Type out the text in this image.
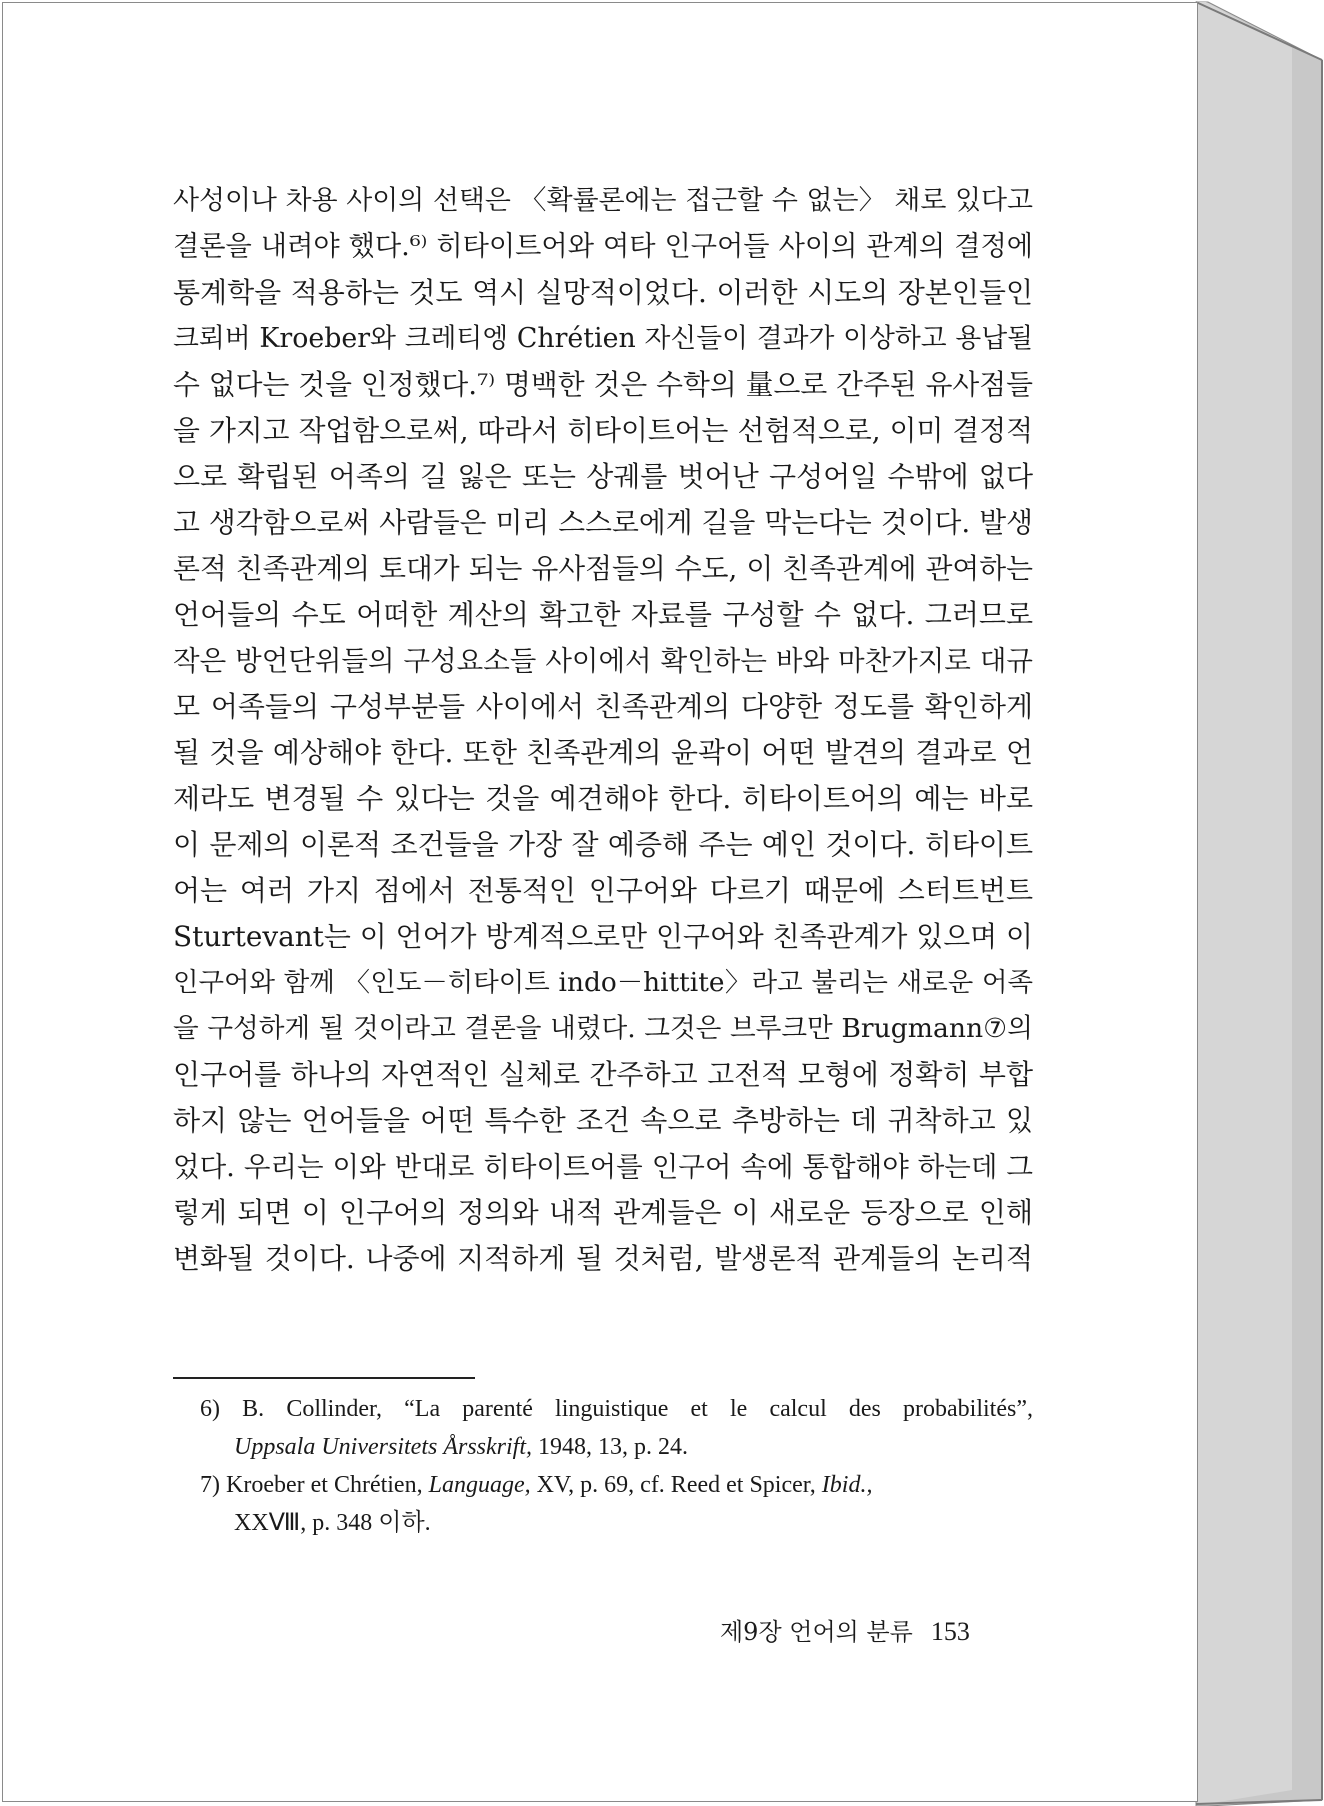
사성이나 차용 사이의 선택은 〈확률론에는 접근할 수 없는〉 채로 있다고
결론을 내려야 했다.⁶⁾ 히타이트어와 여타 인구어들 사이의 관계의 결정에
통계학을 적용하는 것도 역시 실망적이었다. 이러한 시도의 장본인들인
크뢰버 Kroeber와 크레티엥 Chrétien 자신들이 결과가 이상하고 용납될
수 없다는 것을 인정했다.⁷⁾ 명백한 것은 수학의 量으로 간주된 유사점들
을 가지고 작업함으로써, 따라서 히타이트어는 선험적으로, 이미 결정적
으로 확립된 어족의 길 잃은 또는 상궤를 벗어난 구성어일 수밖에 없다
고 생각함으로써 사람들은 미리 스스로에게 길을 막는다는 것이다. 발생
론적 친족관계의 토대가 되는 유사점들의 수도, 이 친족관계에 관여하는
언어들의 수도 어떠한 계산의 확고한 자료를 구성할 수 없다. 그러므로
작은 방언단위들의 구성요소들 사이에서 확인하는 바와 마찬가지로 대규
모 어족들의 구성부분들 사이에서 친족관계의 다양한 정도를 확인하게
될 것을 예상해야 한다. 또한 친족관계의 윤곽이 어떤 발견의 결과로 언
제라도 변경될 수 있다는 것을 예견해야 한다. 히타이트어의 예는 바로
이 문제의 이론적 조건들을 가장 잘 예증해 주는 예인 것이다. 히타이트
어는 여러 가지 점에서 전통적인 인구어와 다르기 때문에 스터트번트
Sturtevant는 이 언어가 방계적으로만 인구어와 친족관계가 있으며 이
인구어와 함께 〈인도－히타이트 indo－hittite〉라고 불리는 새로운 어족
을 구성하게 될 것이라고 결론을 내렸다. 그것은 브루크만 Brugmann⑦의
인구어를 하나의 자연적인 실체로 간주하고 고전적 모형에 정확히 부합
하지 않는 언어들을 어떤 특수한 조건 속으로 추방하는 데 귀착하고 있
었다. 우리는 이와 반대로 히타이트어를 인구어 속에 통합해야 하는데 그
렇게 되면 이 인구어의 정의와 내적 관계들은 이 새로운 등장으로 인해
변화될 것이다. 나중에 지적하게 될 것처럼, 발생론적 관계들의 논리적
6) B. Collinder, “La parenté linguistique et le calcul des probabilités”,
Uppsala Universitets Årsskrift, 1948, 13, p. 24.
7) Kroeber et Chrétien, Language, XV, p. 69, cf. Reed et Spicer, Ibid.,
XXⅧ, p. 348 이하.
제9장 언어의 분류 153
